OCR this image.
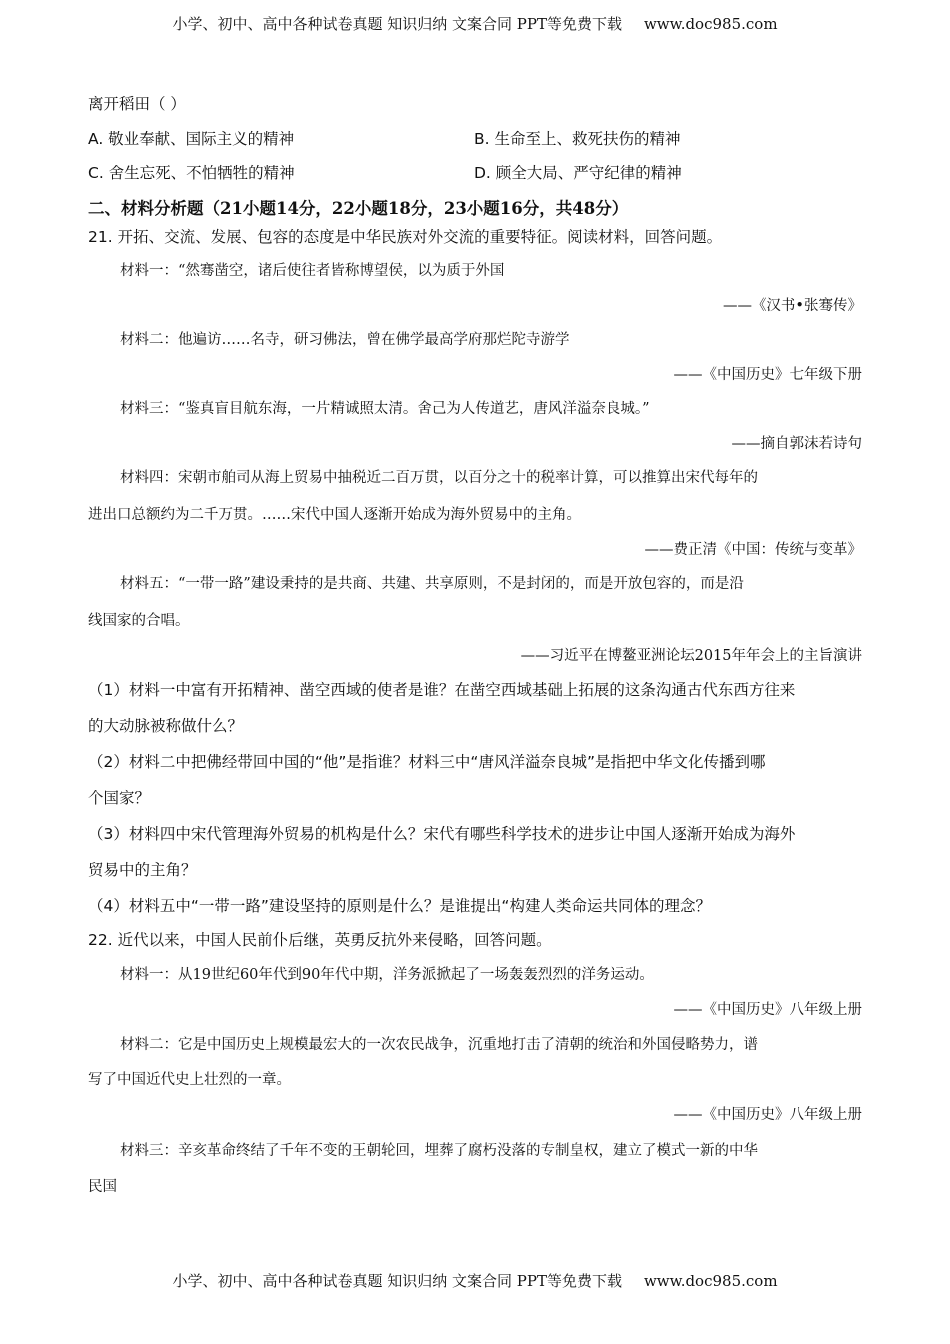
小学、初中、高中各种试卷真题 知识归纳 文案合同 PPT等免费下载 www.doc985.com
离开稻田（ ）
A. 敬业奉献、国际主义的精神	B. 生命至上、救死扶伤的精神
C. 舍生忘死、不怕牺牲的精神	D. 顾全大局、严守纪律的精神
二、材料分析题（21小题14分，22小题18分，23小题16分，共48分）
21. 开拓、交流、发展、包容的态度是中华民族对外交流的重要特征。阅读材料，回答问题。
材料一：“然骞凿空，诸后使往者皆称博望侯，以为质于外国
——《汉书•张骞传》
材料二：他遍访……名寺，研习佛法，曾在佛学最高学府那烂陀寺游学
——《中国历史》七年级下册
材料三：“鉴真盲目航东海，一片精诚照太清。舍己为人传道艺，唐风洋溢奈良城。”
——摘自郭沫若诗句
材料四：宋朝市舶司从海上贸易中抽税近二百万贯，以百分之十的税率计算，可以推算出宋代每年的
进出口总额约为二千万贯。……宋代中国人逐渐开始成为海外贸易中的主角。
——费正清《中国：传统与变革》
材料五：“一带一路”建设秉持的是共商、共建、共享原则，不是封闭的，而是开放包容的，而是沿
线国家的合唱。
——习近平在博鳌亚洲论坛2015年年会上的主旨演讲
（1）材料一中富有开拓精神、凿空西域的使者是谁？在凿空西域基础上拓展的这条沟通古代东西方往来
的大动脉被称做什么？
（2）材料二中把佛经带回中国的“他”是指谁？材料三中“唐风洋溢奈良城”是指把中华文化传播到哪
个国家？
（3）材料四中宋代管理海外贸易的机构是什么？宋代有哪些科学技术的进步让中国人逐渐开始成为海外
贸易中的主角？
（4）材料五中“一带一路”建设坚持的原则是什么？是谁提出“构建人类命运共同体的理念？
22. 近代以来，中国人民前仆后继，英勇反抗外来侵略，回答问题。
材料一：从19世纪60年代到90年代中期，洋务派掀起了一场轰轰烈烈的洋务运动。
——《中国历史》八年级上册
材料二：它是中国历史上规模最宏大的一次农民战争，沉重地打击了清朝的统治和外国侵略势力，谱
写了中国近代史上壮烈的一章。
——《中国历史》八年级上册
材料三：辛亥革命终结了千年不变的王朝轮回，埋葬了腐朽没落的专制皇权，建立了模式一新的中华
民国
小学、初中、高中各种试卷真题 知识归纳 文案合同 PPT等免费下载 www.doc985.com
